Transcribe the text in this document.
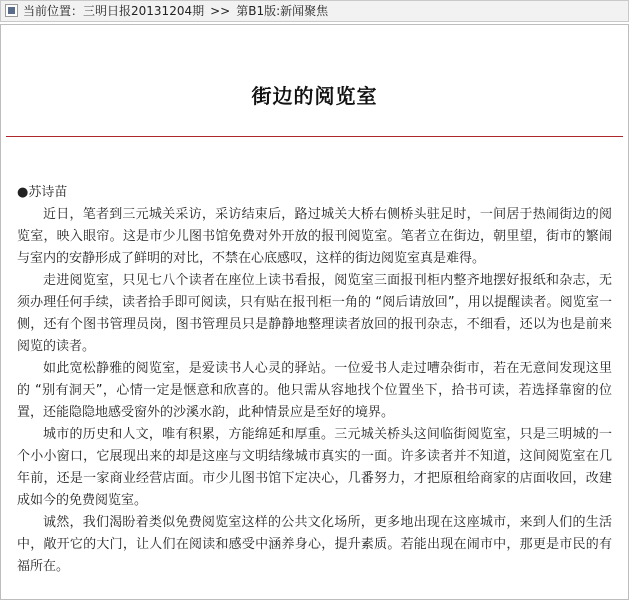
当前位置：三明日报20131204期 >> 第B1版:新闻聚焦
街边的阅览室

●苏诗苗

近日，笔者到三元城关采访，采访结束后，路过城关大桥右侧桥头驻足时，一间居于热闹街边的阅览室，映入眼帘。这是市少儿图书馆免费对外开放的报刊阅览室。笔者立在街边，朝里望，街市的繁闹与室内的安静形成了鲜明的对比，不禁在心底感叹，这样的街边阅览室真是难得。

走进阅览室，只见七八个读者在座位上读书看报，阅览室三面报刊柜内整齐地摆好报纸和杂志，无须办理任何手续，读者拾手即可阅读，只有贴在报刊柜一角的 “阅后请放回”，用以提醒读者。阅览室一侧，还有个图书管理员岗，图书管理员只是静静地整理读者放回的报刊杂志，不细看，还以为也是前来阅览的读者。

如此宽松静雅的阅览室，是爱读书人心灵的驿站。一位爱书人走过嘈杂街市，若在无意间发现这里的 “别有洞天”，心情一定是惬意和欣喜的。他只需从容地找个位置坐下，拾书可读，若选择靠窗的位置，还能隐隐地感受窗外的沙溪水韵，此种情景应是至好的境界。

城市的历史和人文，唯有积累，方能绵延和厚重。三元城关桥头这间临街阅览室，只是三明城的一个小小窗口，它展现出来的却是这座与文明结缘城市真实的一面。许多读者并不知道，这间阅览室在几年前，还是一家商业经营店面。市少儿图书馆下定决心，几番努力，才把原租给商家的店面收回，改建成如今的免费阅览室。

诚然，我们渴盼着类似免费阅览室这样的公共文化场所，更多地出现在这座城市，来到人们的生活中，敞开它的大门，让人们在阅读和感受中涵养身心，提升素质。若能出现在闹市中，那更是市民的有福所在。
